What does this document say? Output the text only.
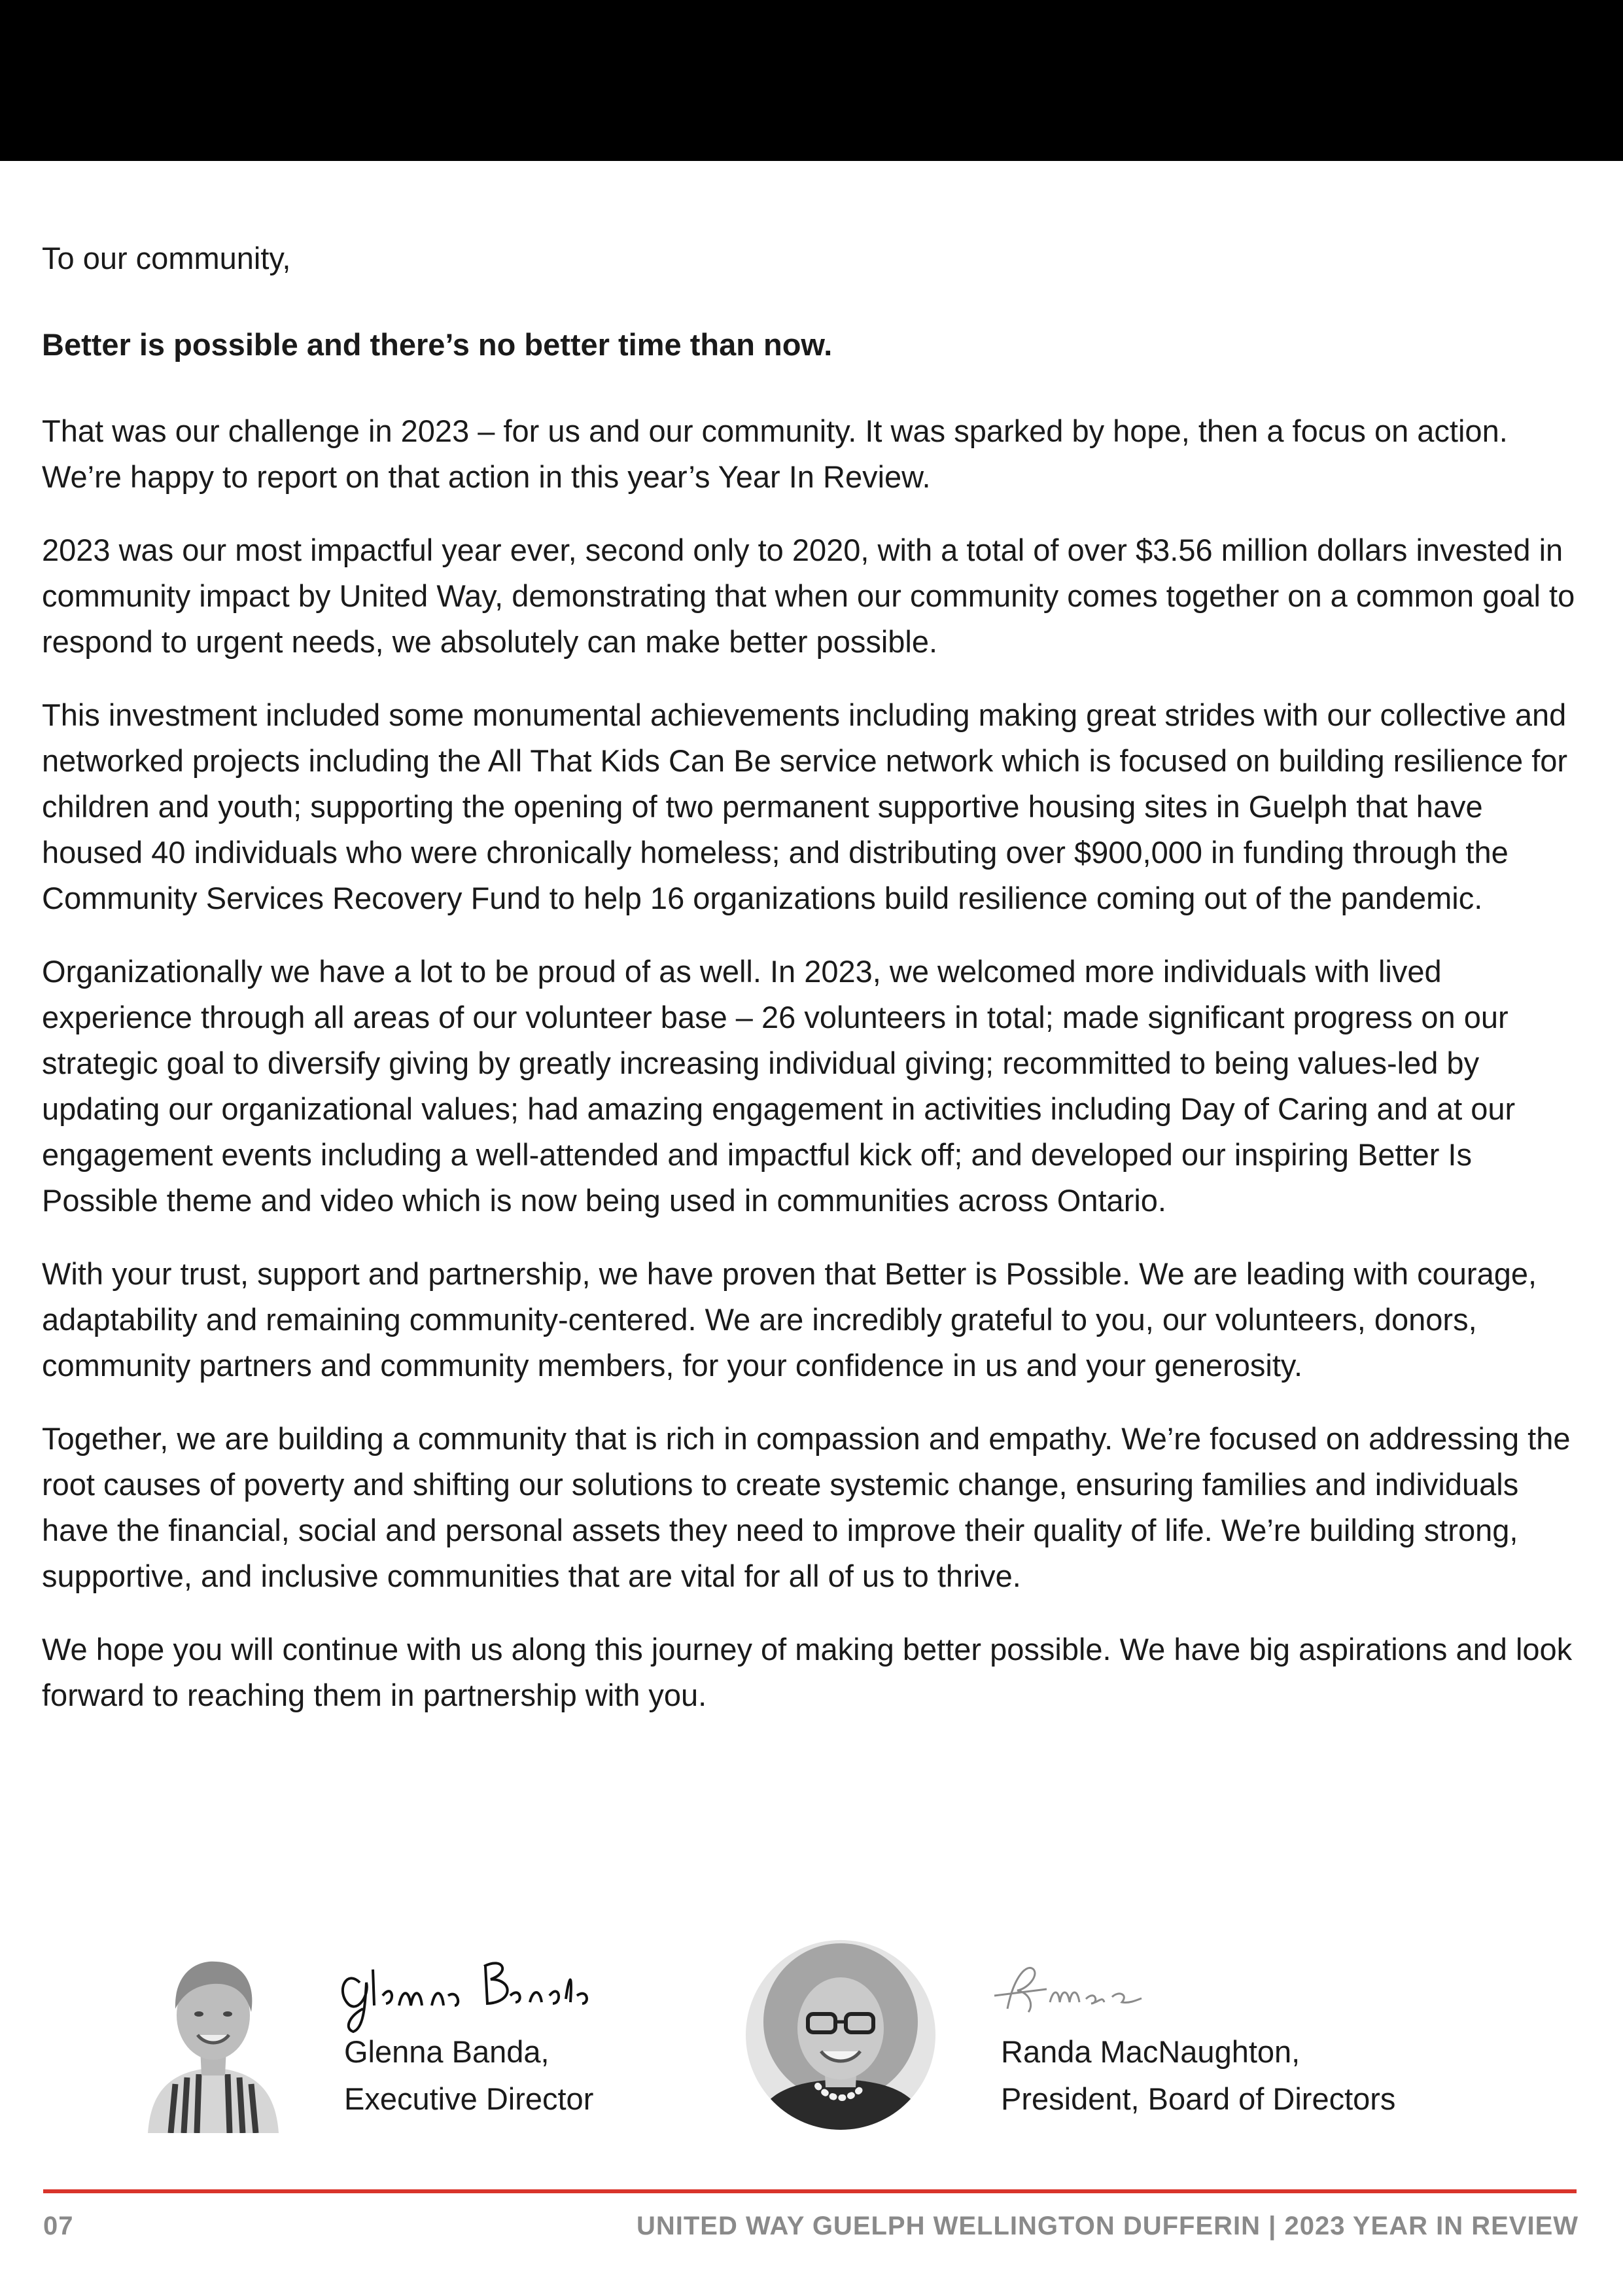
To our community,

Better is possible and there’s no better time than now.

That was our challenge in 2023 – for us and our community. It was sparked by hope, then a focus on action. We’re happy to report on that action in this year’s Year In Review.

2023 was our most impactful year ever, second only to 2020, with a total of over $3.56 million dollars invested in community impact by United Way, demonstrating that when our community comes together on a common goal to respond to urgent needs, we absolutely can make better possible.

This investment included some monumental achievements including making great strides with our collective and networked projects including the All That Kids Can Be service network which is focused on building resilience for children and youth; supporting the opening of two permanent supportive housing sites in Guelph that have housed 40 individuals who were chronically homeless; and distributing over $900,000 in funding through the Community Services Recovery Fund to help 16 organizations build resilience coming out of the pandemic.

Organizationally we have a lot to be proud of as well. In 2023, we welcomed more individuals with lived experience through all areas of our volunteer base – 26 volunteers in total; made significant progress on our strategic goal to diversify giving by greatly increasing individual giving; recommitted to being values-led by updating our organizational values; had amazing engagement in activities including Day of Caring and at our engagement events including a well-attended and impactful kick off; and developed our inspiring Better Is Possible theme and video which is now being used in communities across Ontario.

With your trust, support and partnership, we have proven that Better is Possible. We are leading with courage, adaptability and remaining community-centered. We are incredibly grateful to you, our volunteers, donors, community partners and community members, for your confidence in us and your generosity.

Together, we are building a community that is rich in compassion and empathy. We’re focused on addressing the root causes of poverty and shifting our solutions to create systemic change, ensuring families and individuals have the financial, social and personal assets they need to improve their quality of life. We’re building strong, supportive, and inclusive communities that are vital for all of us to thrive.

We hope you will continue with us along this journey of making better possible. We have big aspirations and look forward to reaching them in partnership with you.

Glenna Banda,
Executive Director
Randa MacNaughton,
President, Board of Directors
07	UNITED WAY GUELPH WELLINGTON DUFFERIN | 2023 YEAR IN REVIEW
